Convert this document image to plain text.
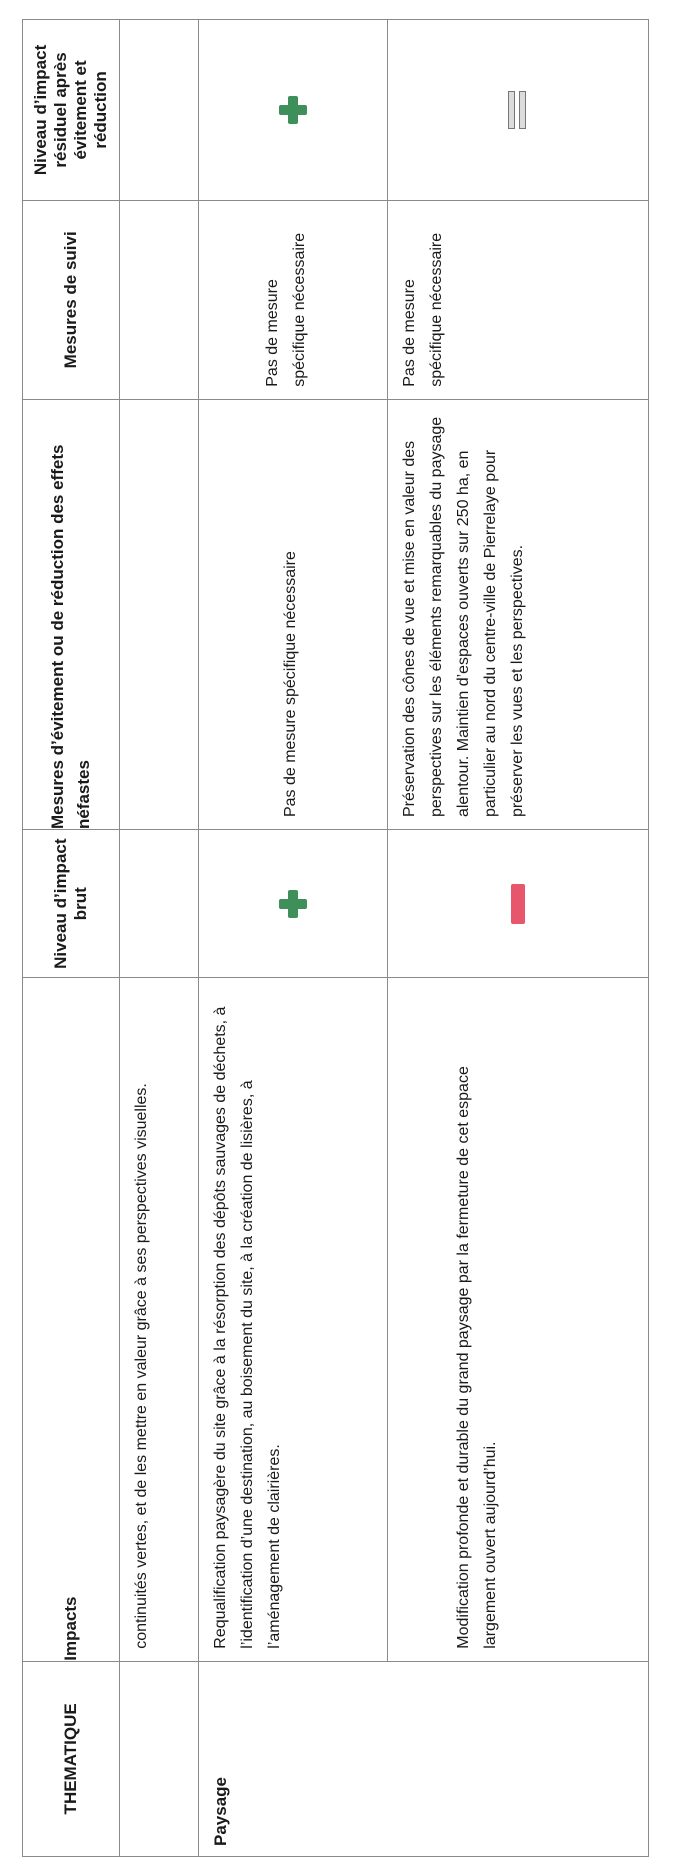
THEMATIQUE	Impacts	Niveau d’impact brut	Mesures d’évitement ou de réduction des effets néfastes	Mesures de suivi	Niveau d’impact résiduel après évitement et réduction

	continuités vertes, et de les mettre en valeur grâce à ses perspectives visuelles.				

Paysage	Requalification paysagère du site grâce à la résorption des dépôts sauvages de déchets, à l’identification d’une destination, au boisement du site, à la création de lisières, à l’aménagement de clairières.		Pas de mesure spécifique nécessaire	Pas de mesure spécifique nécessaire	

	Modification profonde et durable du grand paysage par la fermeture de cet espace largement ouvert aujourd’hui.		Préservation des cônes de vue et mise en valeur des perspectives sur les éléments remarquables du paysage alentour. Maintien d’espaces ouverts sur 250 ha, en particulier au nord du centre-ville de Pierrelaye pour préserver les vues et les perspectives.	Pas de mesure spécifique nécessaire	
